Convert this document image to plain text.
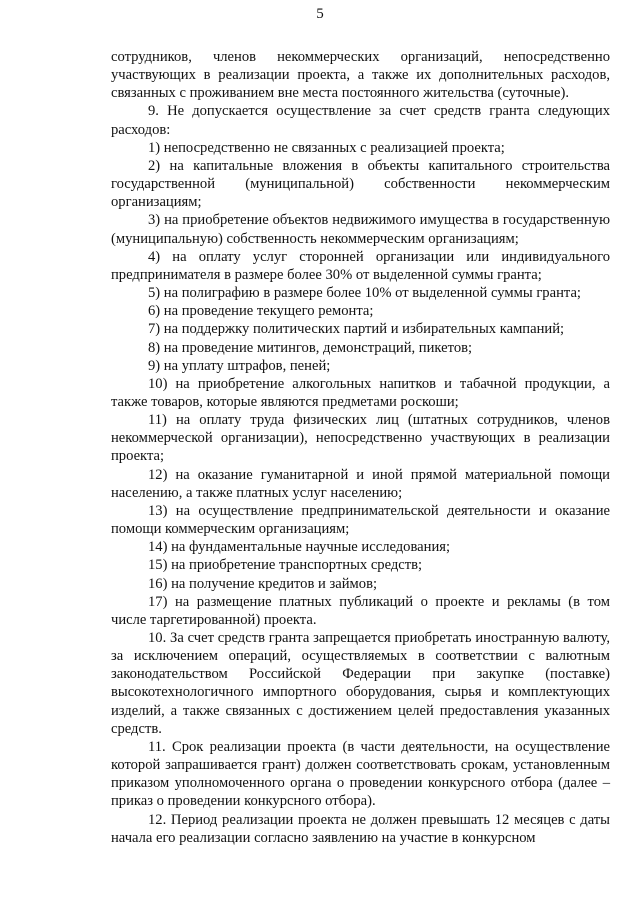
5

сотрудников, членов некоммерческих организаций, непосредственно участвующих в реализации проекта, а также их дополнительных расходов, связанных с проживанием вне места постоянного жительства (суточные).

9. Не допускается осуществление за счет средств гранта следующих расходов:

1) непосредственно не связанных с реализацией проекта;

2) на капитальные вложения в объекты капитального строительства государственной (муниципальной) собственности некоммерческим организациям;

3) на приобретение объектов недвижимого имущества в государственную (муниципальную) собственность некоммерческим организациям;

4) на оплату услуг сторонней организации или индивидуального предпринимателя в размере более 30% от выделенной суммы гранта;

5) на полиграфию в размере более 10% от выделенной суммы гранта;

6) на проведение текущего ремонта;

7) на поддержку политических партий и избирательных кампаний;

8) на проведение митингов, демонстраций, пикетов;

9) на уплату штрафов, пеней;

10) на приобретение алкогольных напитков и табачной продукции, а также товаров, которые являются предметами роскоши;

11) на оплату труда физических лиц (штатных сотрудников, членов некоммерческой организации), непосредственно участвующих в реализации проекта;

12) на оказание гуманитарной и иной прямой материальной помощи населению, а также платных услуг населению;

13) на осуществление предпринимательской деятельности и оказание помощи коммерческим организациям;

14) на фундаментальные научные исследования;

15) на приобретение транспортных средств;

16) на получение кредитов и займов;

17) на размещение платных публикаций о проекте и рекламы (в том числе таргетированной) проекта.

10. За счет средств гранта запрещается приобретать иностранную валюту, за исключением операций, осуществляемых в соответствии с валютным законодательством Российской Федерации при закупке (поставке) высокотехнологичного импортного оборудования, сырья и комплектующих изделий, а также связанных с достижением целей предоставления указанных средств.

11. Срок реализации проекта (в части деятельности, на осуществление которой запрашивается грант) должен соответствовать срокам, установленным приказом уполномоченного органа о проведении конкурсного отбора (далее – приказ о проведении конкурсного отбора).

12. Период реализации проекта не должен превышать 12 месяцев с даты начала его реализации согласно заявлению на участие в конкурсном
